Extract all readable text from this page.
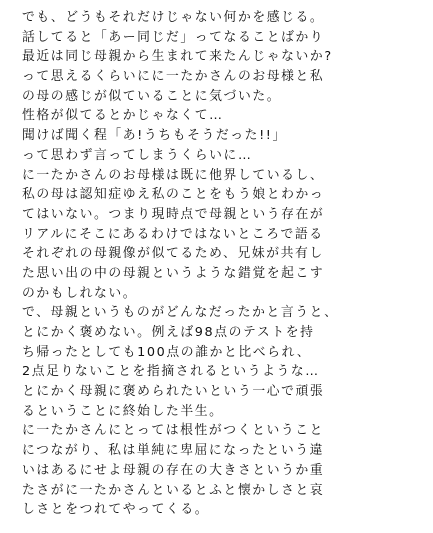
でも、どうもそれだけじゃない何かを感じる。
話してると「あー同じだ」ってなることばかり
最近は同じ母親から生まれて来たんじゃないか?
って思えるくらいにに一たかさんのお母様と私
の母の感じが似ていることに気づいた。
性格が似てるとかじゃなくて…
聞けば聞く程「あ!うちもそうだった!!」
って思わず言ってしまうくらいに…
に一たかさんのお母様は既に他界しているし、
私の母は認知症ゆえ私のことをもう娘とわかっ
てはいない。つまり現時点で母親という存在が
リアルにそこにあるわけではないところで語る
それぞれの母親像が似てるため、兄妹が共有し
た思い出の中の母親というような錯覚を起こす
のかもしれない。
で、母親というものがどんなだったかと言うと、
とにかく褒めない。例えば98点のテストを持
ち帰ったとしても100点の誰かと比べられ、
2点足りないことを指摘されるというような…
とにかく母親に褒められたいという一心で頑張
るということに終始した半生。
に一たかさんにとっては根性がつくということ
につながり、私は単純に卑屈になったという違
いはあるにせよ母親の存在の大きさというか重
たさがに一たかさんといるとふと懐かしさと哀
しさとをつれてやってくる。
